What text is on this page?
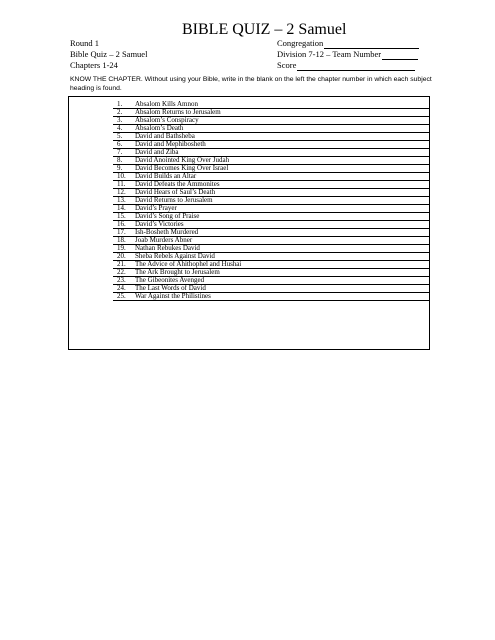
BIBLE QUIZ – 2 Samuel
Round 1
Bible Quiz – 2 Samuel
Chapters 1-24
Congregation
Division 7-12 – Team Number
Score
KNOW THE CHAPTER. Without using your Bible, write in the blank on the left the chapter number in which each subject heading is found.
1.	Absalom Kills Amnon
2.	Absalom Returns to Jerusalem
3.	Absalom’s Conspiracy
4.	Absalom’s Death
5.	David and Bathsheba
6.	David and Mephibosheth
7.	David and Ziba
8.	David Anointed King Over Judah
9.	David Becomes King Over Israel
10.	David Builds an Altar
11.	David Defeats the Ammonites
12.	David Hears of Saul’s Death
13.	David Returns to Jerusalem
14.	David’s Prayer
15.	David’s Song of Praise
16.	David’s Victories
17.	Ish-Bosheth Murdered
18.	Joab Murders Abner
19.	Nathan Rebukes David
20.	Sheba Rebels Against David
21.	The Advice of Ahithophel and Hushai
22.	The Ark Brought to Jerusalem
23.	The Gibeonites Avenged
24.	The Last Words of David
25.	War Against the Philistines
